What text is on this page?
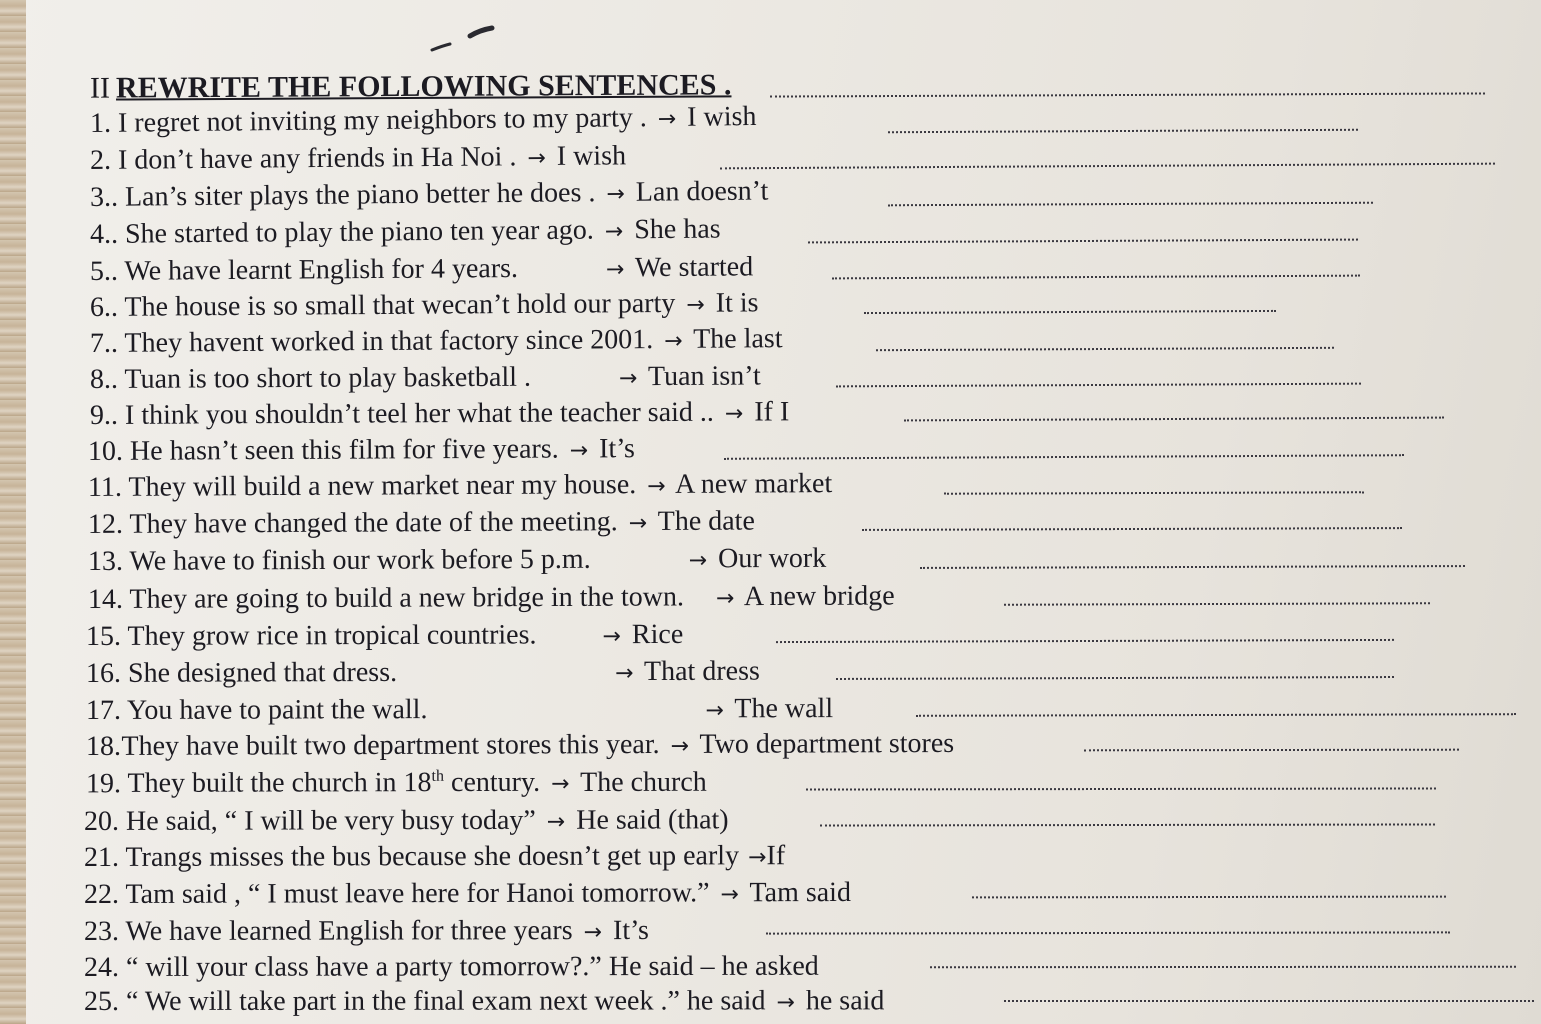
II REWRITE THE FOLLOWING SENTENCES .
1. I regret not inviting my neighbors to my party . → I wish
2. I don’t have any friends in Ha Noi . → I wish
3.. Lan’s siter plays the piano better he does . → Lan doesn’t
4.. She started to play the piano ten year ago. → She has
5.. We have learnt English for 4 years.	→ We started
6.. The house is so small that wecan’t hold our party → It is
7.. They havent worked in that factory since 2001. → The last
8.. Tuan is too short to play basketball .	→ Tuan isn’t
9.. I think you shouldn’t teel her what the teacher said .. → If I
10. He hasn’t seen this film for five years. → It’s
11. They will build a new market near my house. → A new market
12. They have changed the date of the meeting. → The date
13. We have to finish our work before 5 p.m.	→ Our work
14. They are going to build a new bridge in the town. → A new bridge
15. They grow rice in tropical countries.	→ Rice
16. She designed that dress.	→ That dress
17. You have to paint the wall.	→ The wall
18. They have built two department stores this year. → Two department stores
19. They built the church in 18th century. → The church
20. He said, “ I will be very busy today” → He said (that)
21. Trangs misses the bus because she doesn’t get up early →If
22. Tam said , “ I must leave here for Hanoi tomorrow.” → Tam said
23. We have learned English for three years → It’s
24. “ will your class have a party tomorrow?.” He said – he asked
25. “ We will take part in the final exam next week .” he said → he said
